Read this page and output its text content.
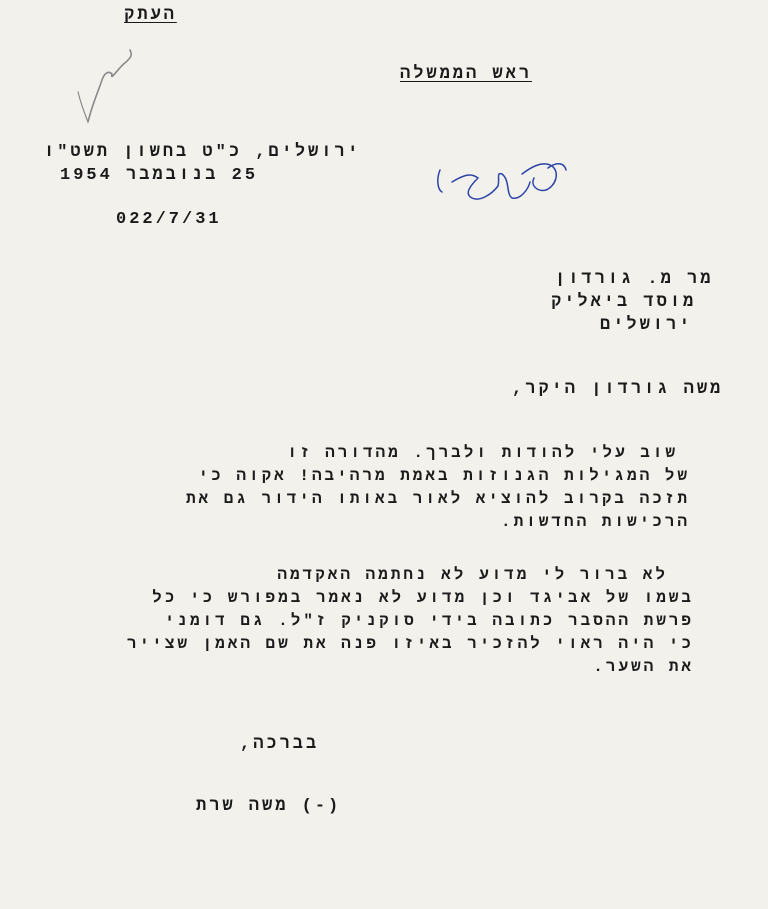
העתק
ראש הממשלה
ירושלים, כ"ט בחשון תשט"ו
25 בנובמבר 1954
022/7/31
מר מ. גורדון
מוסד ביאליק
ירושלים
משה גורדון היקר,
שוב עלי להודות ולברך. מהדורה זו
של המגילות הגנוזות באמת מרהיבה! אקוה כי
תזכה בקרוב להוציא לאור באותו הידור גם את
הרכישות החדשות.
לא ברור לי מדוע לא נחתמה האקדמה
בשמו של אביגד וכן מדוע לא נאמר במפורש כי כל
פרשת ההסבר כתובה בידי סוקניק ז"ל. גם דומני
כי היה ראוי להזכיר באיזו פנה את שם האמן שצייר
את השער.
בברכה,
(-) משה שרת
